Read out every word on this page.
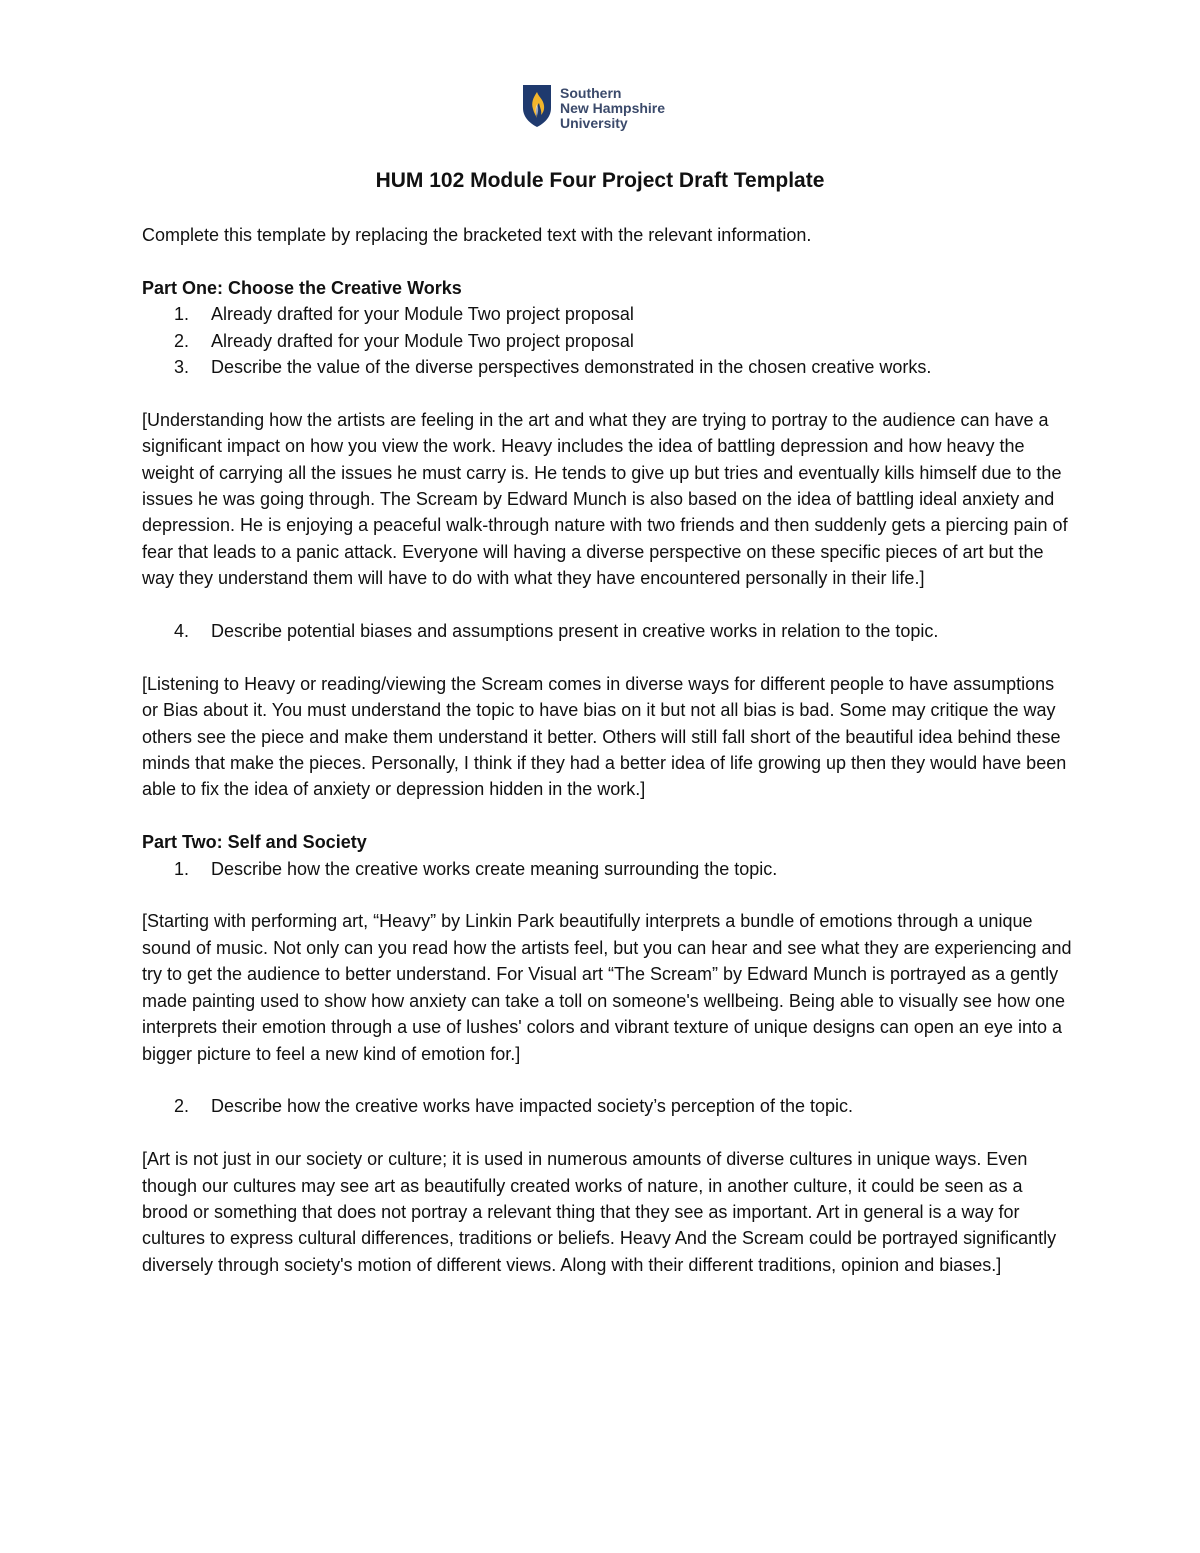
Southern
New Hampshire
University
HUM 102 Module Four Project Draft Template

Complete this template by replacing the bracketed text with the relevant information.

Part One: Choose the Creative Works

1. Already drafted for your Module Two project proposal
2. Already drafted for your Module Two project proposal
3. Describe the value of the diverse perspectives demonstrated in the chosen creative works.

[Understanding how the artists are feeling in the art and what they are trying to portray to the audience can have a significant impact on how you view the work. Heavy includes the idea of battling depression and how heavy the weight of carrying all the issues he must carry is. He tends to give up but tries and eventually kills himself due to the issues he was going through. The Scream by Edward Munch is also based on the idea of battling ideal anxiety and depression. He is enjoying a peaceful walk-through nature with two friends and then suddenly gets a piercing pain of fear that leads to a panic attack. Everyone will having a diverse perspective on these specific pieces of art but the way they understand them will have to do with what they have encountered personally in their life.]

4. Describe potential biases and assumptions present in creative works in relation to the topic.

[Listening to Heavy or reading/viewing the Scream comes in diverse ways for different people to have assumptions or Bias about it. You must understand the topic to have bias on it but not all bias is bad. Some may critique the way others see the piece and make them understand it better. Others will still fall short of the beautiful idea behind these minds that make the pieces. Personally, I think if they had a better idea of life growing up then they would have been able to fix the idea of anxiety or depression hidden in the work.]

Part Two: Self and Society

1. Describe how the creative works create meaning surrounding the topic.

[Starting with performing art, “Heavy” by Linkin Park beautifully interprets a bundle of emotions through a unique sound of music. Not only can you read how the artists feel, but you can hear and see what they are experiencing and try to get the audience to better understand. For Visual art “The Scream” by Edward Munch is portrayed as a gently made painting used to show how anxiety can take a toll on someone's wellbeing. Being able to visually see how one interprets their emotion through a use of lushes' colors and vibrant texture of unique designs can open an eye into a bigger picture to feel a new kind of emotion for.]

2. Describe how the creative works have impacted society’s perception of the topic.

[Art is not just in our society or culture; it is used in numerous amounts of diverse cultures in unique ways. Even though our cultures may see art as beautifully created works of nature, in another culture, it could be seen as a brood or something that does not portray a relevant thing that they see as important. Art in general is a way for cultures to express cultural differences, traditions or beliefs. Heavy And the Scream could be portrayed significantly diversely through society's motion of different views. Along with their different traditions, opinion and biases.]
